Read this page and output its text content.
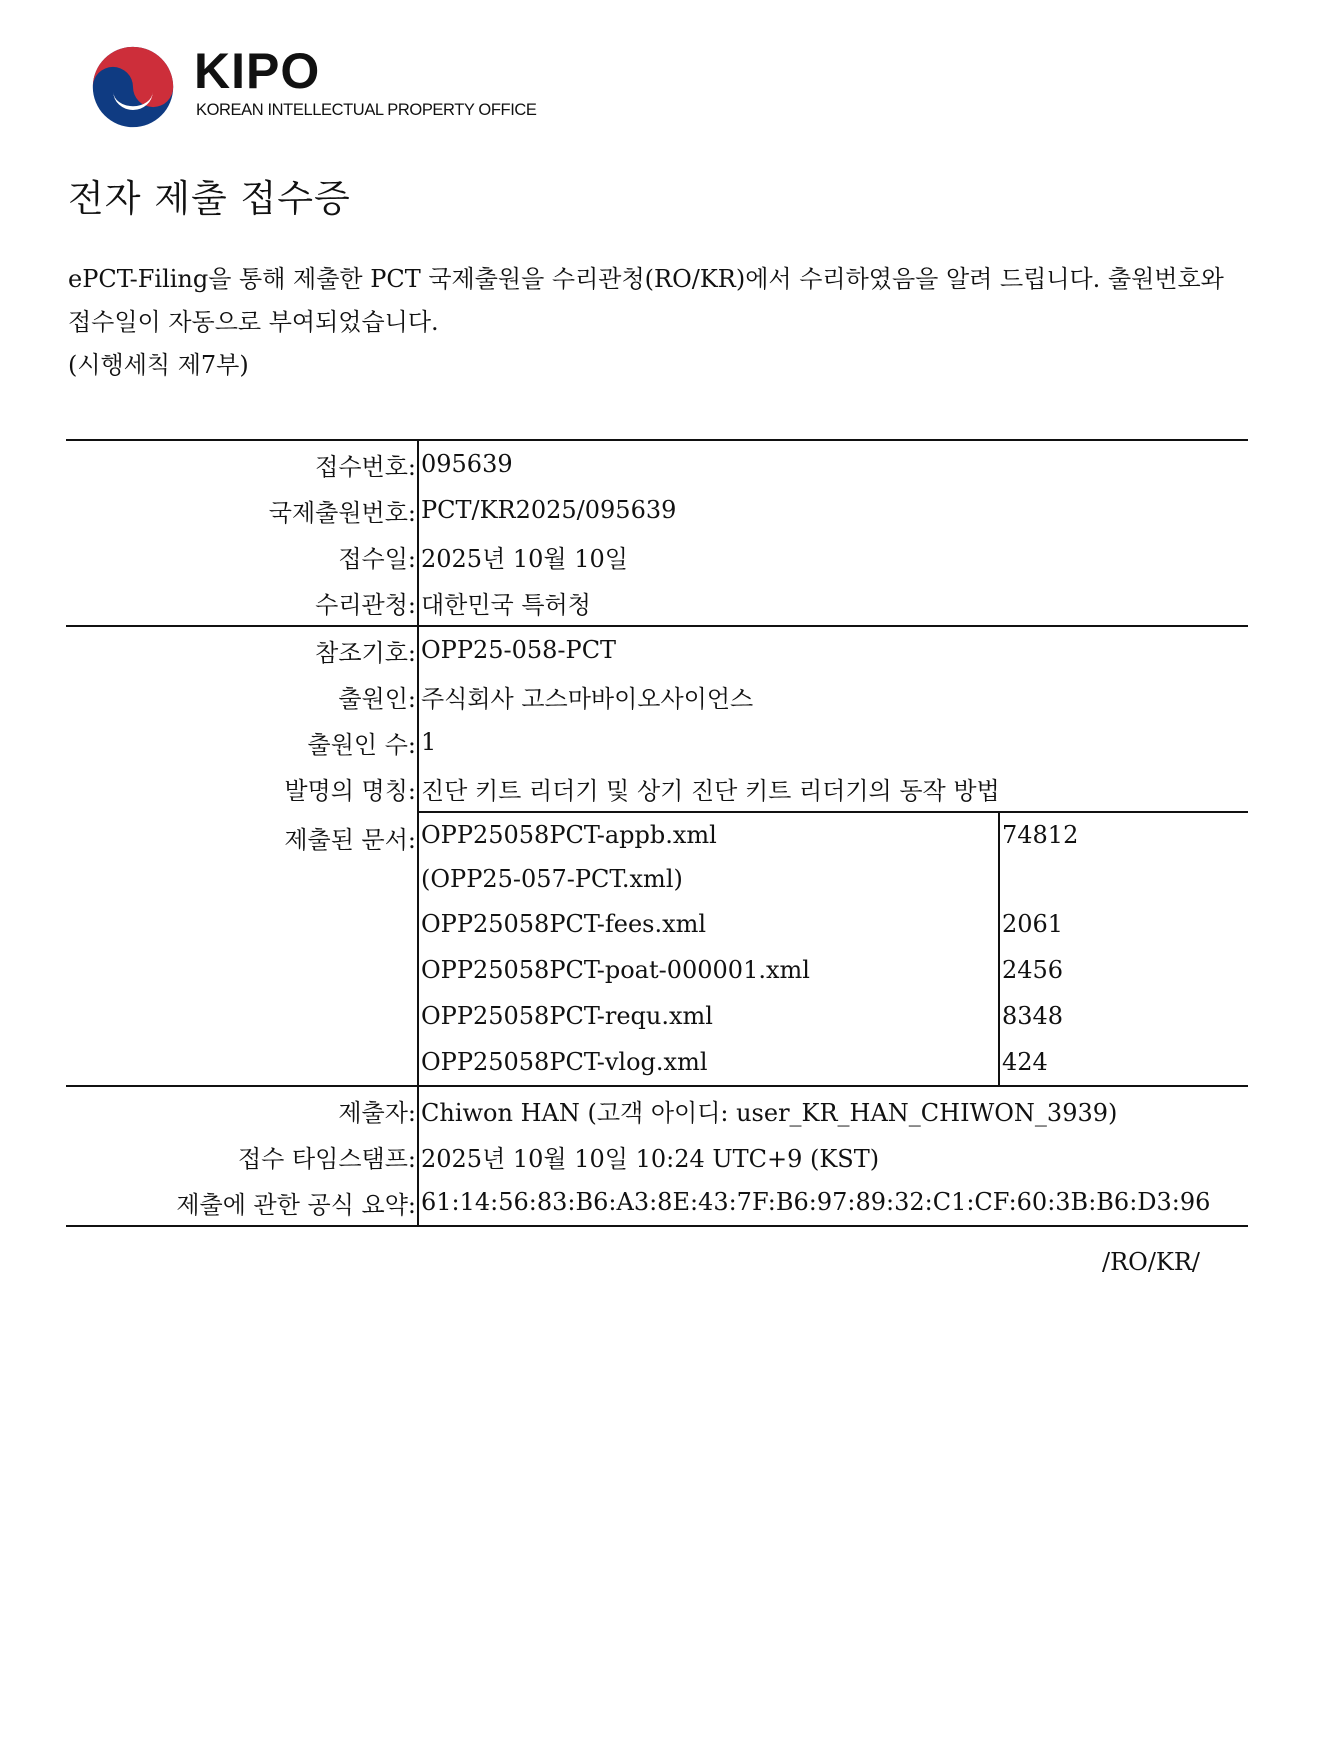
KIPO
KOREAN INTELLECTUAL PROPERTY OFFICE
전자 제출 접수증

ePCT-Filing을 통해 제출한 PCT 국제출원을 수리관청(RO/KR)에서 수리하였음을 알려 드립니다. 출원번호와 접수일이 자동으로 부여되었습니다.

(시행세칙 제7부)

접수번호:	095639	
국제출원번호:	PCT/KR2025/095639	
접수일:	2025년 10월 10일	
수리관청:	대한민국 특허청	
참조기호:	OPP25-058-PCT	
출원인:	주식회사 고스마바이오사이언스	
출원인 수:	1	
발명의 명칭:	진단 키트 리더기 및 상기 진단 키트 리더기의 동작 방법	
제출된 문서:	OPP25058PCT-appb.xml	74812
	(OPP25-057-PCT.xml)	
	OPP25058PCT-fees.xml	2061
	OPP25058PCT-poat-000001.xml	2456
	OPP25058PCT-requ.xml	8348
	OPP25058PCT-vlog.xml	424
제출자:	Chiwon HAN (고객 아이디: user_KR_HAN_CHIWON_3939)	
접수 타임스탬프:	2025년 10월 10일 10:24 UTC+9 (KST)	
제출에 관한 공식 요약:	61:14:56:83:B6:A3:8E:43:7F:B6:97:89:32:C1:CF:60:3B:B6:D3:96	
/RO/KR/
